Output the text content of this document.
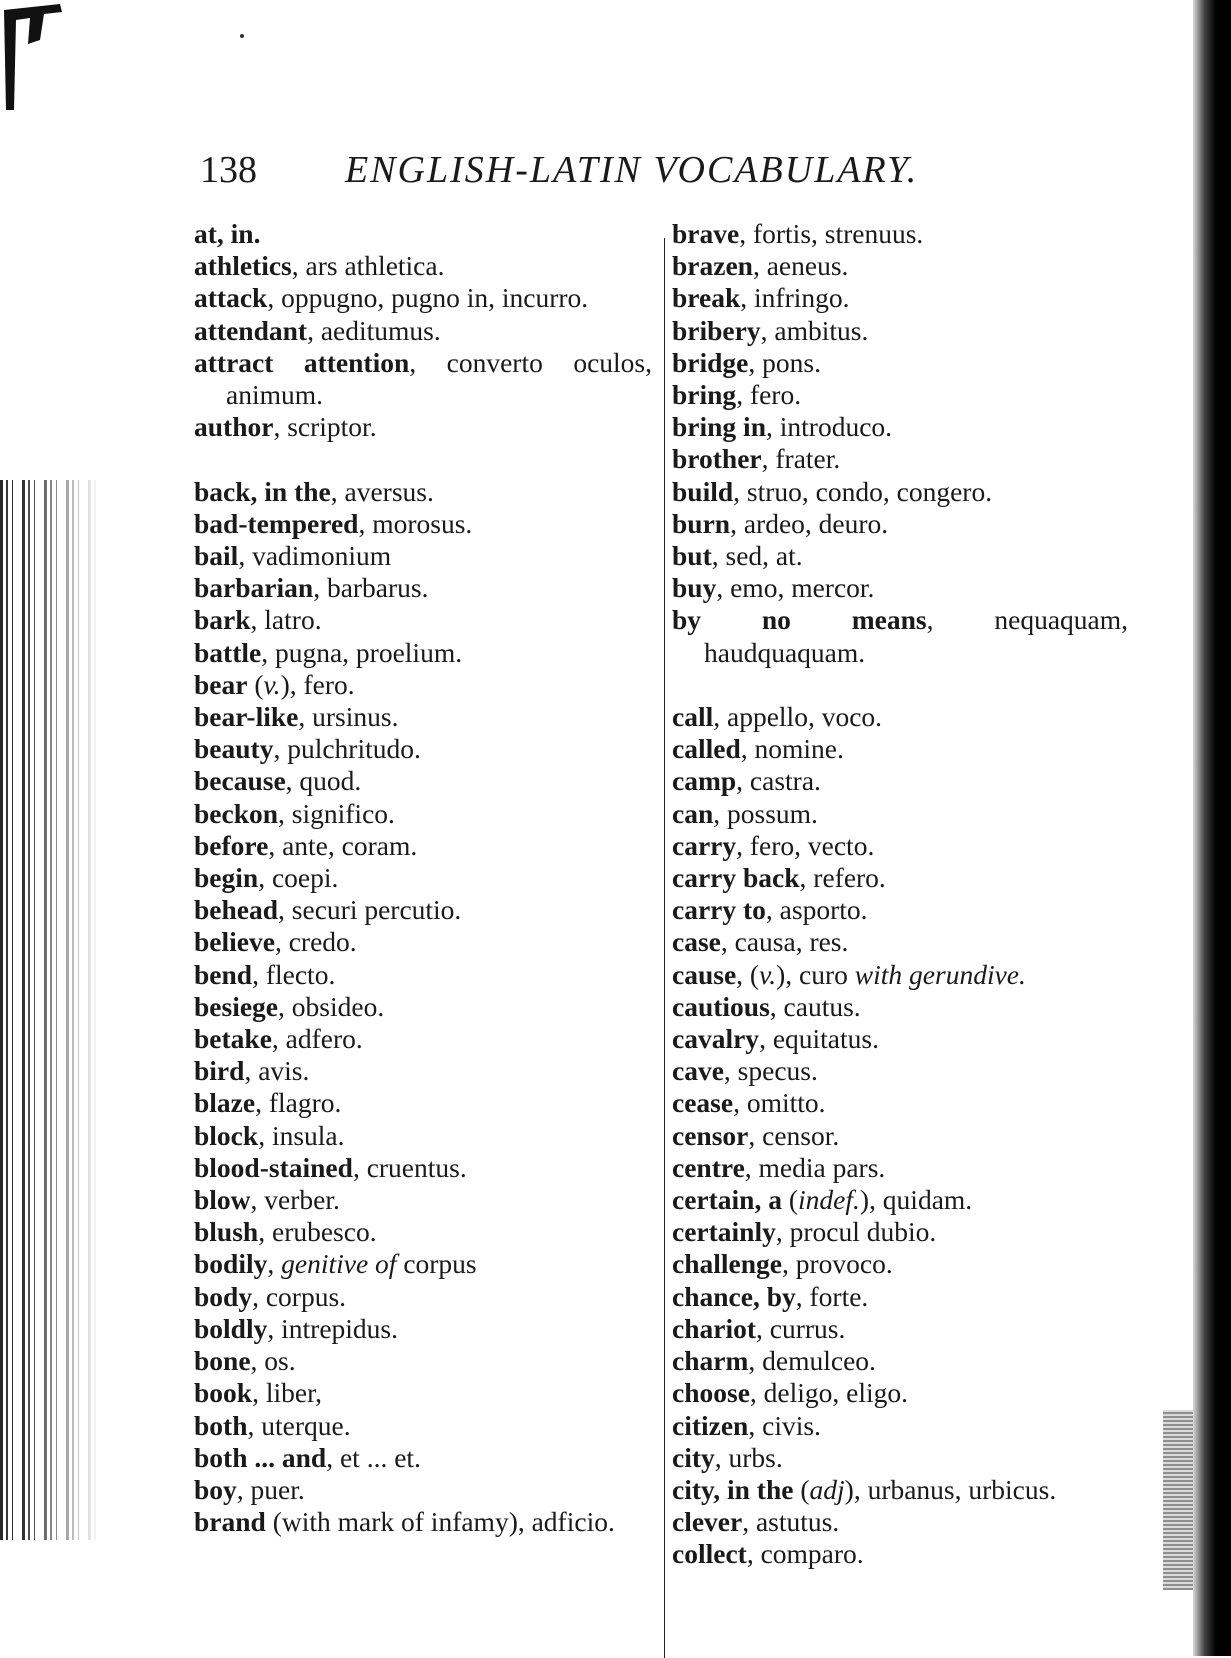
138 ENGLISH-LATIN VOCABULARY.
at, in.
athletics, ars athletica.
attack, oppugno, pugno in, incurro.
attendant, aeditumus.
attract attention, converto oculos, animum.
author, scriptor.
back, in the, aversus.
bad-tempered, morosus.
bail, vadimonium
barbarian, barbarus.
bark, latro.
battle, pugna, proelium.
bear (v.), fero.
bear-like, ursinus.
beauty, pulchritudo.
because, quod.
beckon, significo.
before, ante, coram.
begin, coepi.
behead, securi percutio.
believe, credo.
bend, flecto.
besiege, obsideo.
betake, adfero.
bird, avis.
blaze, flagro.
block, insula.
blood-stained, cruentus.
blow, verber.
blush, erubesco.
bodily, genitive of corpus
body, corpus.
boldly, intrepidus.
bone, os.
book, liber,
both, uterque.
both ... and, et ... et.
boy, puer.
brand (with mark of infamy), adficio.
brave, fortis, strenuus.
brazen, aeneus.
break, infringo.
bribery, ambitus.
bridge, pons.
bring, fero.
bring in, introduco.
brother, frater.
build, struo, condo, congero.
burn, ardeo, deuro.
but, sed, at.
buy, emo, mercor.
by no means, nequaquam, haudquaquam.
call, appello, voco.
called, nomine.
camp, castra.
can, possum.
carry, fero, vecto.
carry back, refero.
carry to, asporto.
case, causa, res.
cause, (v.), curo with gerundive.
cautious, cautus.
cavalry, equitatus.
cave, specus.
cease, omitto.
censor, censor.
centre, media pars.
certain, a (indef.), quidam.
certainly, procul dubio.
challenge, provoco.
chance, by, forte.
chariot, currus.
charm, demulceo.
choose, deligo, eligo.
citizen, civis.
city, urbs.
city, in the (adj), urbanus, urbicus.
clever, astutus.
collect, comparo.
